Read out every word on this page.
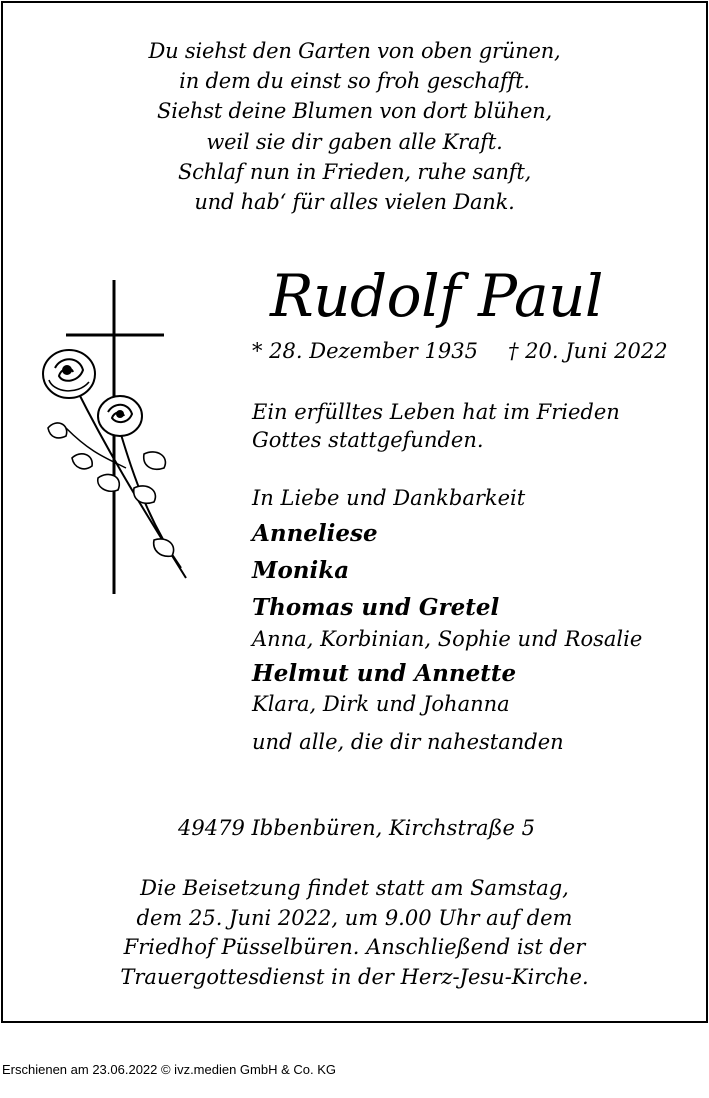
Du siehst den Garten von oben grünen,
in dem du einst so froh geschafft.
Siehst deine Blumen von dort blühen,
weil sie dir gaben alle Kraft.
Schlaf nun in Frieden, ruhe sanft,
und hab‘ für alles vielen Dank.
Rudolf Paul
* 28. Dezember 1935 † 20. Juni 2022
Ein erfülltes Leben hat im Frieden
Gottes stattgefunden.
In Liebe und Dankbarkeit
Anneliese
Monika
Thomas und Gretel
Anna, Korbinian, Sophie und Rosalie
Helmut und Annette
Klara, Dirk und Johanna
und alle, die dir nahestanden
49479 Ibbenbüren, Kirchstraße 5
Die Beisetzung findet statt am Samstag,
dem 25. Juni 2022, um 9.00 Uhr auf dem
Friedhof Püsselbüren. Anschließend ist der
Trauergottesdienst in der Herz-Jesu-Kirche.
Erschienen am 23.06.2022 © ivz.medien GmbH & Co. KG
